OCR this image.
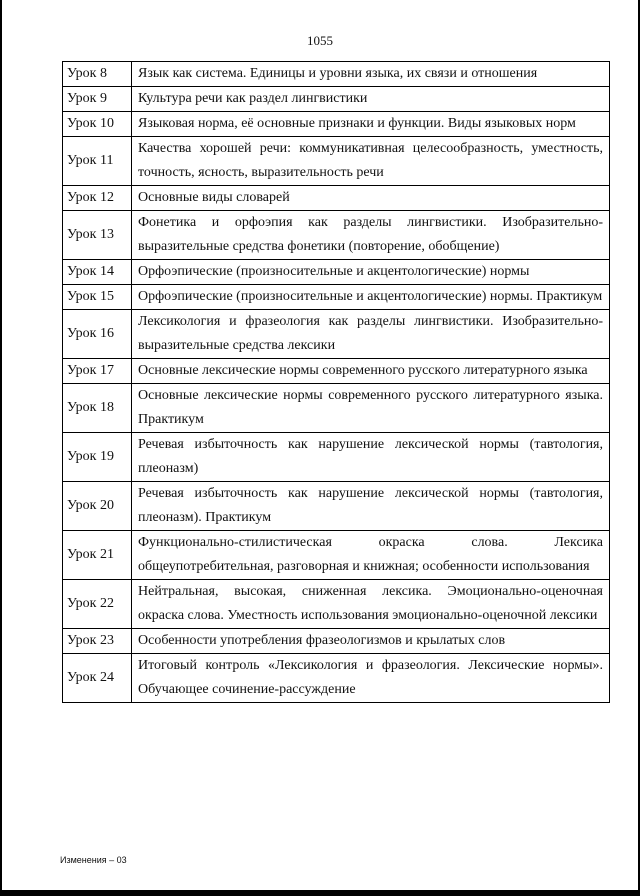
1055
Урок 8	Язык как система. Единицы и уровни языка, их связи и отношения
Урок 9	Культура речи как раздел лингвистики
Урок 10	Языковая норма, её основные признаки и функции. Виды языковых норм
Урок 11	Качества хорошей речи: коммуникативная целесообразность, уместность, точность, ясность, выразительность речи
Урок 12	Основные виды словарей
Урок 13	Фонетика и орфоэпия как разделы лингвистики. Изобразительно-выразительные средства фонетики (повторение, обобщение)
Урок 14	Орфоэпические (произносительные и акцентологические) нормы
Урок 15	Орфоэпические (произносительные и акцентологические) нормы. Практикум
Урок 16	Лексикология и фразеология как разделы лингвистики. Изобразительно-выразительные средства лексики
Урок 17	Основные лексические нормы современного русского литературного языка
Урок 18	Основные лексические нормы современного русского литературного языка. Практикум
Урок 19	Речевая избыточность как нарушение лексической нормы (тавтология, плеоназм)
Урок 20	Речевая избыточность как нарушение лексической нормы (тавтология, плеоназм). Практикум
Урок 21	Функционально-стилистическая окраска слова. Лексика общеупотребительная, разговорная и книжная; особенности использования
Урок 22	Нейтральная, высокая, сниженная лексика. Эмоционально-оценочная окраска слова. Уместность использования эмоционально-оценочной лексики
Урок 23	Особенности употребления фразеологизмов и крылатых слов
Урок 24	Итоговый контроль «Лексикология и фразеология. Лексические нормы». Обучающее сочинение-рассуждение
Изменения – 03
